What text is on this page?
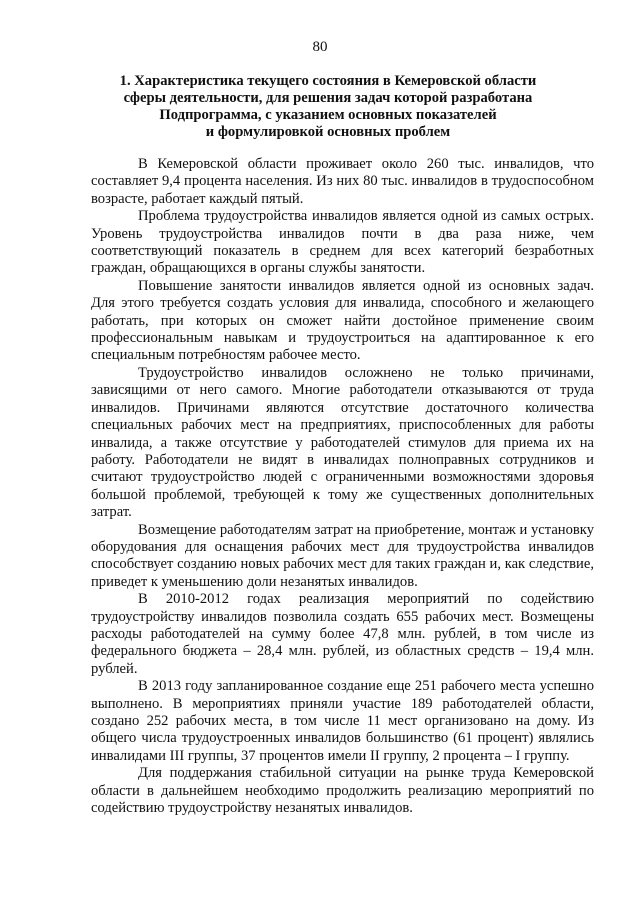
80
1. Характеристика текущего состояния в Кемеровской области
сферы деятельности, для решения задач которой разработана
Подпрограмма, с указанием основных показателей
и формулировкой основных проблем

В Кемеровской области проживает около 260 тыс. инвалидов, что составляет 9,4 процента населения. Из них 80 тыс. инвалидов в трудоспособном возрасте, работает каждый пятый.

Проблема трудоустройства инвалидов является одной из самых острых. Уровень трудоустройства инвалидов почти в два раза ниже, чем соответствующий показатель в среднем для всех категорий безработных граждан, обращающихся в органы службы занятости.

Повышение занятости инвалидов является одной из основных задач. Для этого требуется создать условия для инвалида, способного и желающего работать, при которых он сможет найти достойное применение своим профессиональным навыкам и трудоустроиться на адаптированное к его специальным потребностям рабочее место.

Трудоустройство инвалидов осложнено не только причинами, зависящими от него самого. Многие работодатели отказываются от труда инвалидов. Причинами являются отсутствие достаточного количества специальных рабочих мест на предприятиях, приспособленных для работы инвалида, а также отсутствие у работодателей стимулов для приема их на работу. Работодатели не видят в инвалидах полноправных сотрудников и считают трудоустройство людей с ограниченными возможностями здоровья большой проблемой, требующей к тому же существенных дополнительных затрат.

Возмещение работодателям затрат на приобретение, монтаж и установку оборудования для оснащения рабочих мест для трудоустройства инвалидов способствует созданию новых рабочих мест для таких граждан и, как следствие, приведет к уменьшению доли незанятых инвалидов.

В 2010-2012 годах реализация мероприятий по содействию трудоустройству инвалидов позволила создать 655 рабочих мест. Возмещены расходы работодателей на сумму более 47,8 млн. рублей, в том числе из федерального бюджета – 28,4 млн. рублей, из областных средств – 19,4 млн. рублей.

В 2013 году запланированное создание еще 251 рабочего места успешно выполнено. В мероприятиях приняли участие 189 работодателей области, создано 252 рабочих места, в том числе 11 мест организовано на дому. Из общего числа трудоустроенных инвалидов большинство (61 процент) являлись инвалидами III группы, 37 процентов имели II группу, 2 процента – I группу.

Для поддержания стабильной ситуации на рынке труда Кемеровской области в дальнейшем необходимо продолжить реализацию мероприятий по содействию трудоустройству незанятых инвалидов.
